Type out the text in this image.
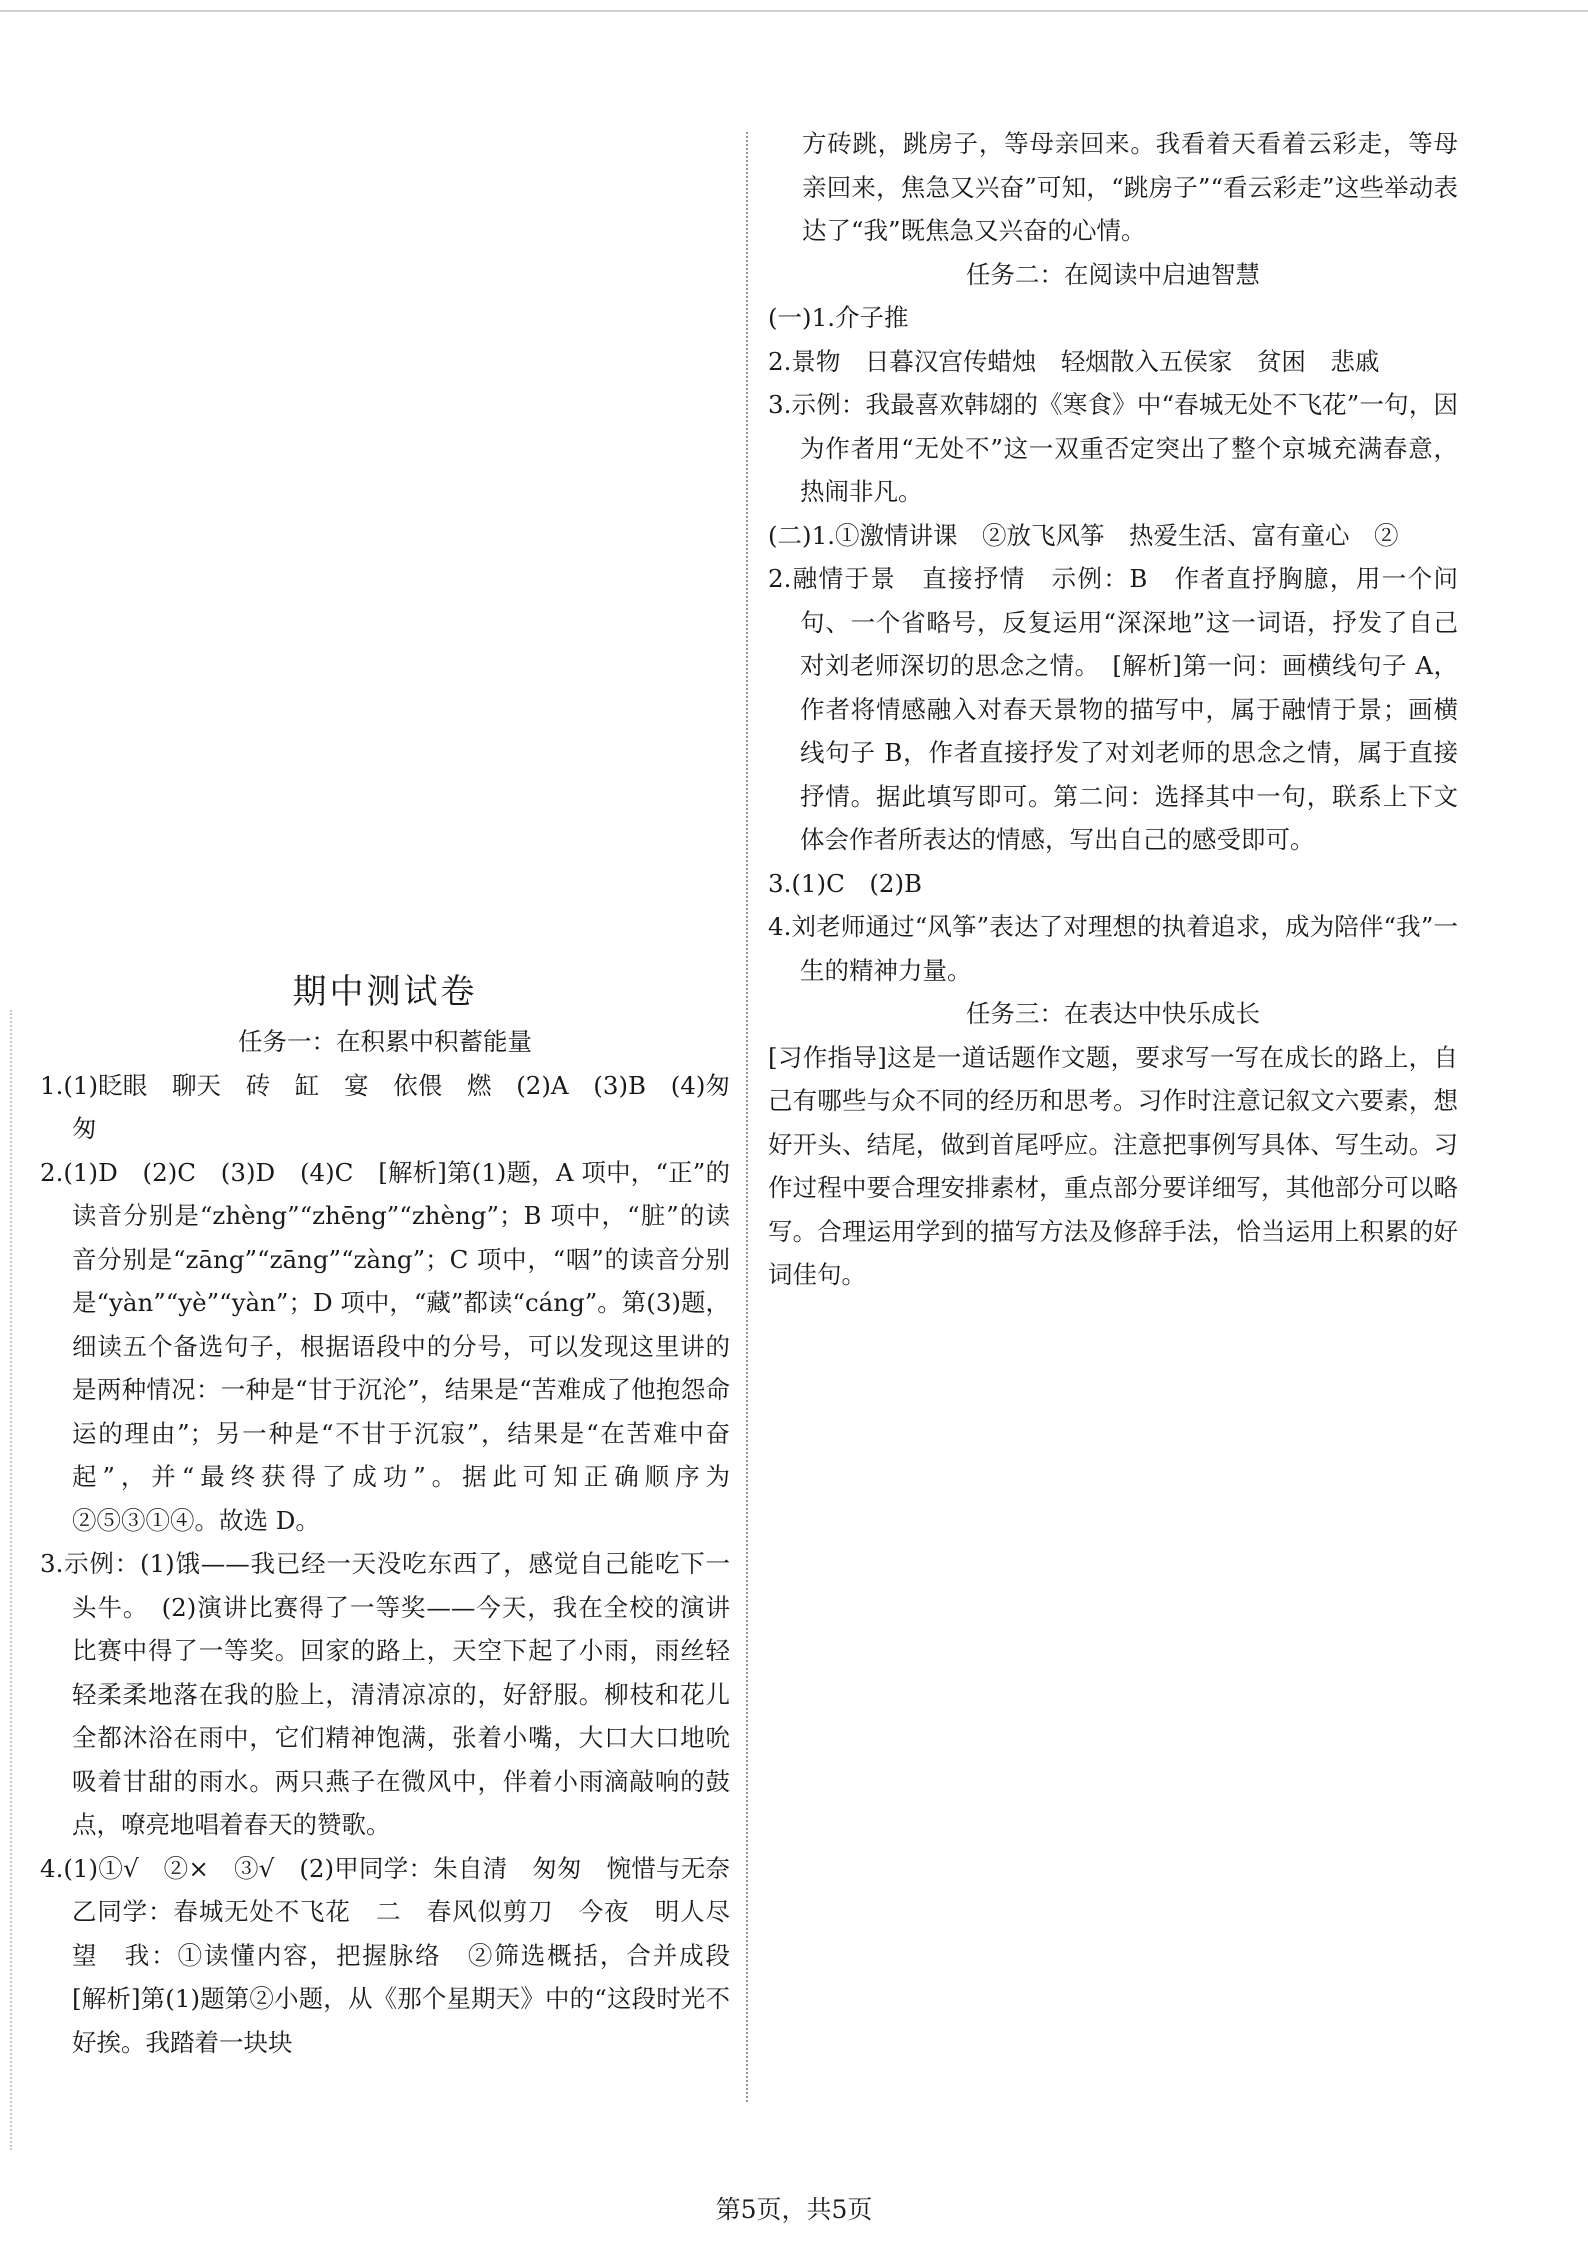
方砖跳，跳房子，等母亲回来。我看着天看着云彩走，等母亲回来，焦急又兴奋”可知，“跳房子”“看云彩走”这些举动表达了“我”既焦急又兴奋的心情。

任务二：在阅读中启迪智慧

(一)1.介子推

2.景物　日暮汉宫传蜡烛　轻烟散入五侯家　贫困　悲戚

3.示例：我最喜欢韩翃的《寒食》中“春城无处不飞花”一句，因为作者用“无处不”这一双重否定突出了整个京城充满春意，热闹非凡。

(二)1.①激情讲课　②放飞风筝　热爱生活、富有童心　②

2.融情于景　直接抒情　示例：B　作者直抒胸臆，用一个问句、一个省略号，反复运用“深深地”这一词语，抒发了自己对刘老师深切的思念之情。　[解析]第一问：画横线句子 A，作者将情感融入对春天景物的描写中，属于融情于景；画横线句子 B，作者直接抒发了对刘老师的思念之情，属于直接抒情。据此填写即可。第二问：选择其中一句，联系上下文体会作者所表达的情感，写出自己的感受即可。

3.(1)C　(2)B

4.刘老师通过“风筝”表达了对理想的执着追求，成为陪伴“我”一生的精神力量。

任务三：在表达中快乐成长

[习作指导]这是一道话题作文题，要求写一写在成长的路上，自己有哪些与众不同的经历和思考。习作时注意记叙文六要素，想好开头、结尾，做到首尾呼应。注意把事例写具体、写生动。习作过程中要合理安排素材，重点部分要详细写，其他部分可以略写。合理运用学到的描写方法及修辞手法，恰当运用上积累的好词佳句。

期中测试卷

任务一：在积累中积蓄能量

1.(1)眨眼　聊天　砖　缸　宴　依偎　燃　(2)A　(3)B　(4)匆匆

2.(1)D　(2)C　(3)D　(4)C　[解析]第(1)题，A 项中，“正”的读音分别是“zhèng”“zhēng”“zhèng”；B 项中，“脏”的读音分别是“zāng”“zāng”“zàng”；C 项中，“咽”的读音分别是“yàn”“yè”“yàn”；D 项中，“藏”都读“cáng”。第(3)题，细读五个备选句子，根据语段中的分号，可以发现这里讲的是两种情况：一种是“甘于沉沦”，结果是“苦难成了他抱怨命运的理由”；另一种是“不甘于沉寂”，结果是“在苦难中奋起”，并“最终获得了成功”。据此可知正确顺序为②⑤③①④。故选 D。

3.示例：(1)饿——我已经一天没吃东西了，感觉自己能吃下一头牛。　(2)演讲比赛得了一等奖——今天，我在全校的演讲比赛中得了一等奖。回家的路上，天空下起了小雨，雨丝轻轻柔柔地落在我的脸上，清清凉凉的，好舒服。柳枝和花儿全都沐浴在雨中，它们精神饱满，张着小嘴，大口大口地吮吸着甘甜的雨水。两只燕子在微风中，伴着小雨滴敲响的鼓点，嘹亮地唱着春天的赞歌。

4.(1)①√　②×　③√　(2)甲同学：朱自清　匆匆　惋惜与无奈　乙同学：春城无处不飞花　二　春风似剪刀　今夜　明人尽望　我：①读懂内容，把握脉络　②筛选概括，合并成段　[解析]第(1)题第②小题，从《那个星期天》中的“这段时光不好挨。我踏着一块块

第5页，共5页
